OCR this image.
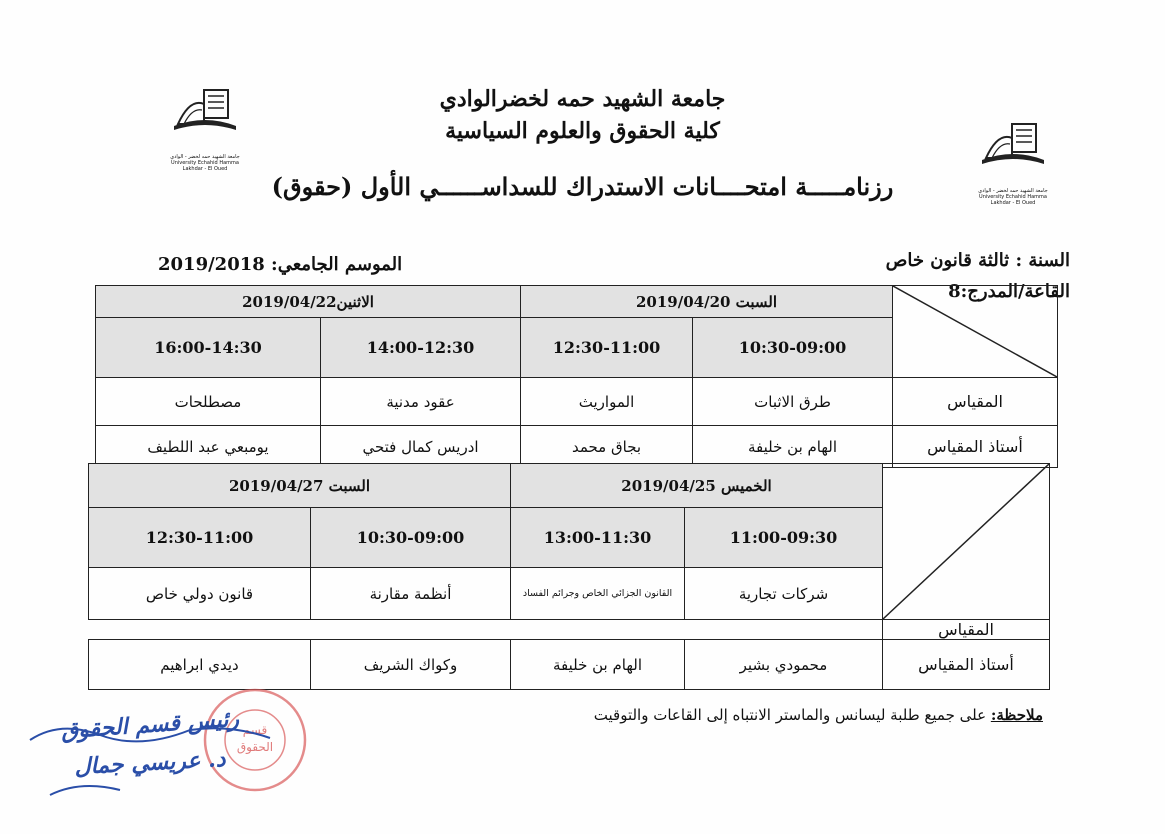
جامعة الشهيد حمه لخضرالوادي
كلية الحقوق والعلوم السياسية
رزنامـــــة امتحــــانات الاستدراك للسداســــــي الأول (حقوق)
جامعة الشهيد حمه لخضر - الوادي
University Echahid Hamma Lakhdar - El Oued
جامعة الشهيد حمه لخضر - الوادي
University Echahid Hamma Lakhdar - El Oued
السنة : ثالثة قانون خاص
الموسم الجامعي: 2019/2018
القاعة/المدرج:8
الاثنين2019/04/22		السبت 2019/04/20	

16:00-14:30	14:00-12:30	12:30-11:00	10:30-09:00	
مصطلحات	عقود مدنية	المواريث	طرق الاثبات	المقياس
يومبعي عبد اللطيف	ادريس كمال فتحي	بجاق محمد	الهام بن خليفة	أستاذ المقياس
السبت 2019/04/27		الخميس 2019/04/25	

12:30-11:00	10:30-09:00	13:00-11:30	11:00-09:30	
قانون دولي خاص	أنظمة مقارنة	القانون الجزائي الخاص وجرائم الفساد	شركات تجارية	
				المقياس
ديدي ابراهيم	وكواك الشريف	الهام بن خليفة	محمودي بشير	أستاذ المقياس
ملاحظة: على جميع طلبة ليسانس والماستر الانتباه إلى القاعات والتوقيت
قسم
الحقوق
رئيس قسم الحقوق
د. عريسي جمال
